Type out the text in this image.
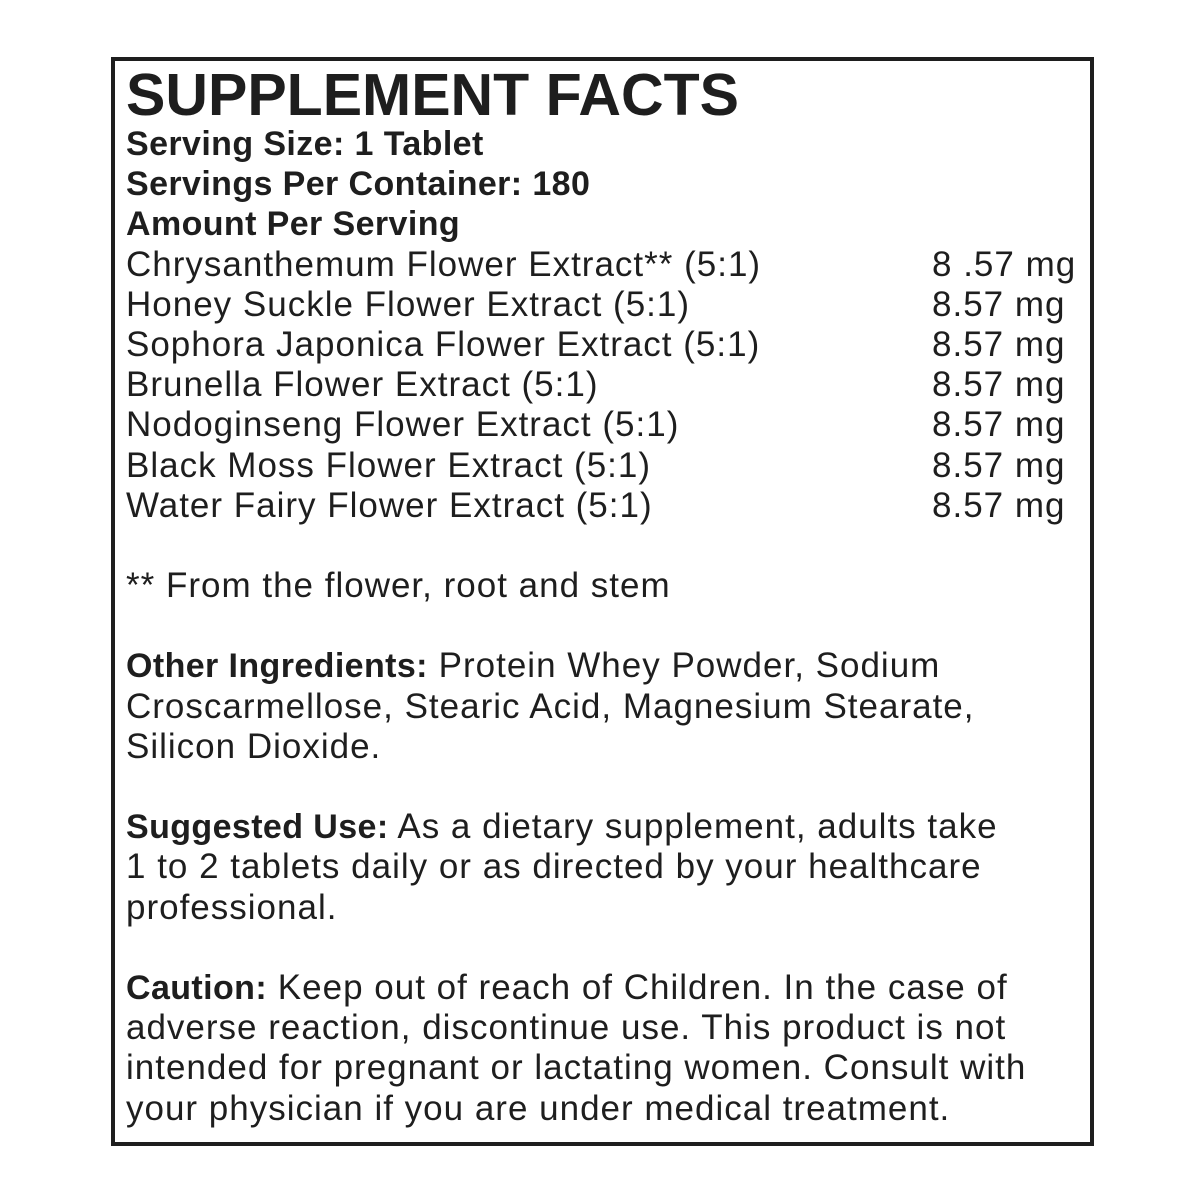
SUPPLEMENT FACTS
Serving Size: 1 Tablet
Servings Per Container: 180
Amount Per Serving
Chrysanthemum Flower Extract** (5:1)	8 .57 mg
Honey Suckle Flower Extract (5:1)	8.57 mg
Sophora Japonica Flower Extract (5:1)	8.57 mg
Brunella Flower Extract (5:1)	8.57 mg
Nodoginseng Flower Extract (5:1)	8.57 mg
Black Moss Flower Extract (5:1)	8.57 mg
Water Fairy Flower Extract (5:1)	8.57 mg
** From the flower, root and stem
Other Ingredients: Protein Whey Powder, Sodium
Croscarmellose, Stearic Acid, Magnesium Stearate,
Silicon Dioxide.
Suggested Use: As a dietary supplement, adults take
1 to 2 tablets daily or as directed by your healthcare
professional.
Caution: Keep out of reach of Children. In the case of
adverse reaction, discontinue use. This product is not
intended for pregnant or lactating women. Consult with
your physician if you are under medical treatment.
